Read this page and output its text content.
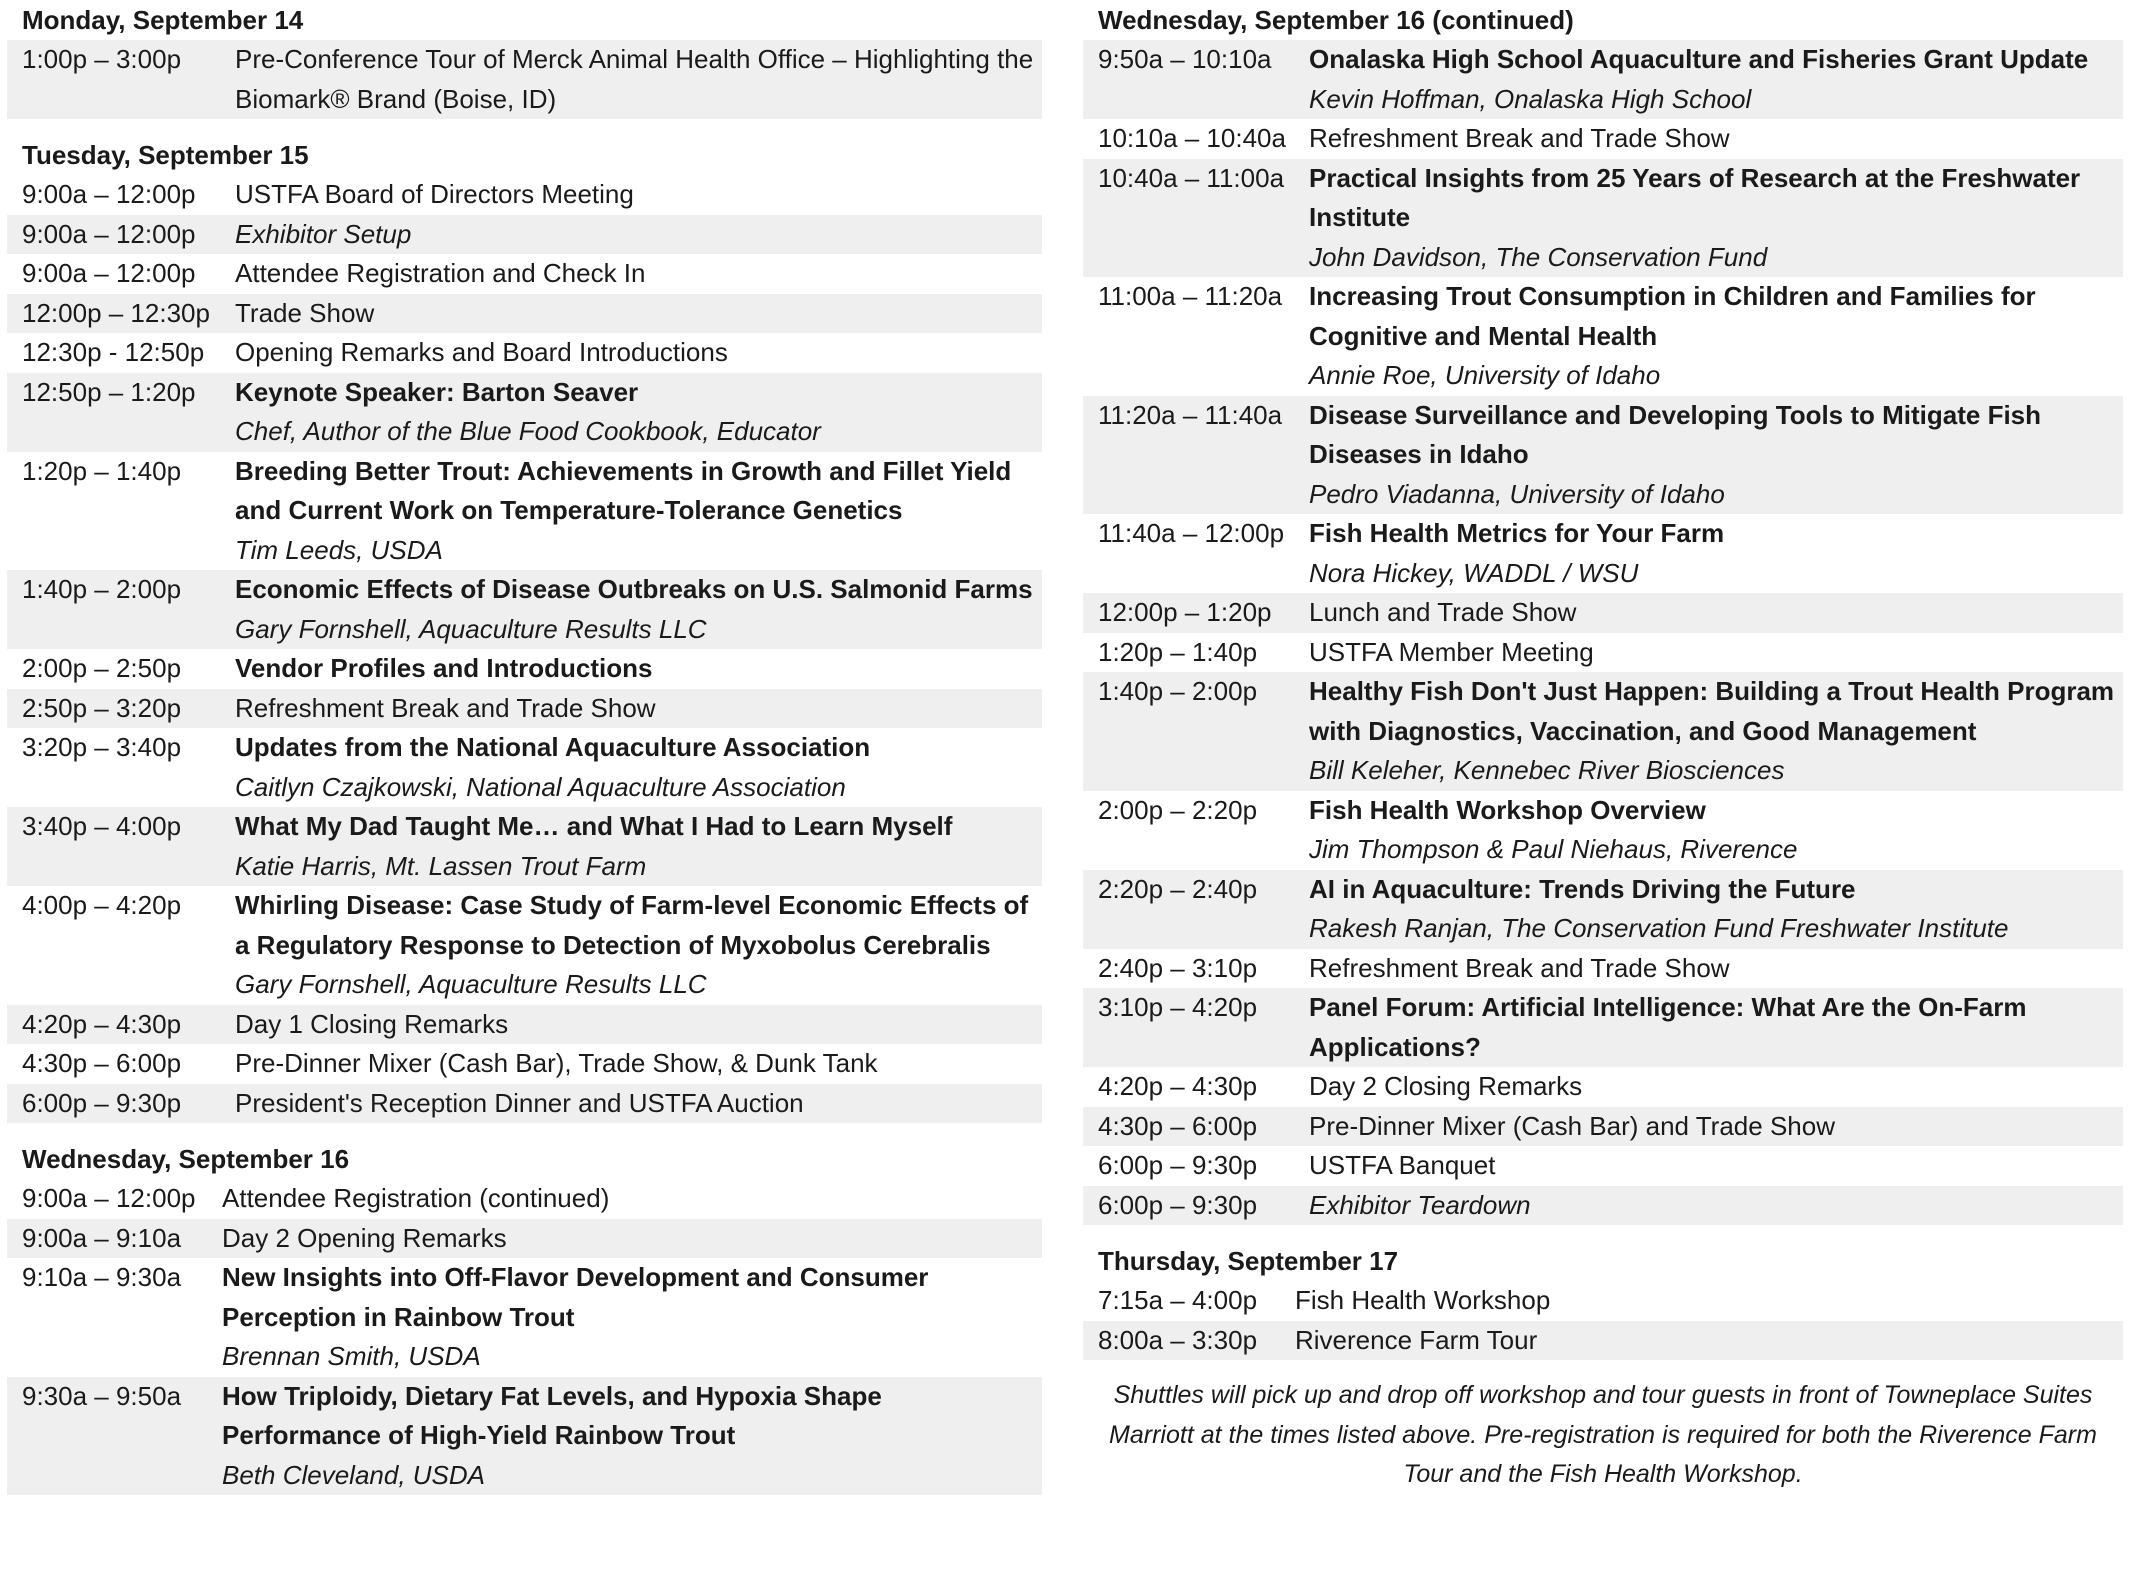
Monday, September 14
1:00p – 3:00p	Pre-Conference Tour of Merck Animal Health Office – Highlighting the Biomark® Brand (Boise, ID)
Tuesday, September 15
9:00a – 12:00p	USTFA Board of Directors Meeting
9:00a – 12:00p	Exhibitor Setup
9:00a – 12:00p	Attendee Registration and Check In
12:00p – 12:30p Trade Show
12:30p - 12:50p	Opening Remarks and Board Introductions
12:50p – 1:20p	Keynote Speaker: Barton Seaver
Chef, Author of the Blue Food Cookbook, Educator
1:20p – 1:40p	Breeding Better Trout: Achievements in Growth and Fillet Yield and Current Work on Temperature-Tolerance Genetics
Tim Leeds, USDA
1:40p – 2:00p	Economic Effects of Disease Outbreaks on U.S. Salmonid Farms
Gary Fornshell, Aquaculture Results LLC
2:00p – 2:50p	Vendor Profiles and Introductions
2:50p – 3:20p	Refreshment Break and Trade Show
3:20p – 3:40p	Updates from the National Aquaculture Association
Caitlyn Czajkowski, National Aquaculture Association
3:40p – 4:00p	What My Dad Taught Me… and What I Had to Learn Myself
Katie Harris, Mt. Lassen Trout Farm
4:00p – 4:20p	Whirling Disease: Case Study of Farm-level Economic Effects of a Regulatory Response to Detection of Myxobolus Cerebralis
Gary Fornshell, Aquaculture Results LLC
4:20p – 4:30p	Day 1 Closing Remarks
4:30p – 6:00p	Pre-Dinner Mixer (Cash Bar), Trade Show, & Dunk Tank
6:00p – 9:30p	President's Reception Dinner and USTFA Auction
Wednesday, September 16
9:00a – 12:00p	Attendee Registration (continued)
9:00a – 9:10a	Day 2 Opening Remarks
9:10a – 9:30a	New Insights into Off-Flavor Development and Consumer Perception in Rainbow Trout
Brennan Smith, USDA
9:30a – 9:50a	How Triploidy, Dietary Fat Levels, and Hypoxia Shape Performance of High-Yield Rainbow Trout
Beth Cleveland, USDA
Wednesday, September 16 (continued)
9:50a – 10:10a	Onalaska High School Aquaculture and Fisheries Grant Update
Kevin Hoffman, Onalaska High School
10:10a – 10:40a Refreshment Break and Trade Show
10:40a – 11:00a Practical Insights from 25 Years of Research at the Freshwater Institute
John Davidson, The Conservation Fund
11:00a – 11:20a	Increasing Trout Consumption in Children and Families for Cognitive and Mental Health
Annie Roe, University of Idaho
11:20a – 11:40a	Disease Surveillance and Developing Tools to Mitigate Fish Diseases in Idaho
Pedro Viadanna, University of Idaho
11:40a – 12:00p Fish Health Metrics for Your Farm
Nora Hickey, WADDL / WSU
12:00p – 1:20p	Lunch and Trade Show
1:20p – 1:40p	USTFA Member Meeting
1:40p – 2:00p	Healthy Fish Don't Just Happen: Building a Trout Health Program with Diagnostics, Vaccination, and Good Management
Bill Keleher, Kennebec River Biosciences
2:00p – 2:20p	Fish Health Workshop Overview
Jim Thompson & Paul Niehaus, Riverence
2:20p – 2:40p	AI in Aquaculture: Trends Driving the Future
Rakesh Ranjan, The Conservation Fund Freshwater Institute
2:40p – 3:10p	Refreshment Break and Trade Show
3:10p – 4:20p	Panel Forum: Artificial Intelligence: What Are the On-Farm Applications?
4:20p – 4:30p	Day 2 Closing Remarks
4:30p – 6:00p	Pre-Dinner Mixer (Cash Bar) and Trade Show
6:00p – 9:30p	USTFA Banquet
6:00p – 9:30p	Exhibitor Teardown
Thursday, September 17
7:15a – 4:00p	Fish Health Workshop
8:00a – 3:30p	Riverence Farm Tour
Shuttles will pick up and drop off workshop and tour guests in front of Towneplace Suites Marriott at the times listed above. Pre-registration is required for both the Riverence Farm Tour and the Fish Health Workshop.
